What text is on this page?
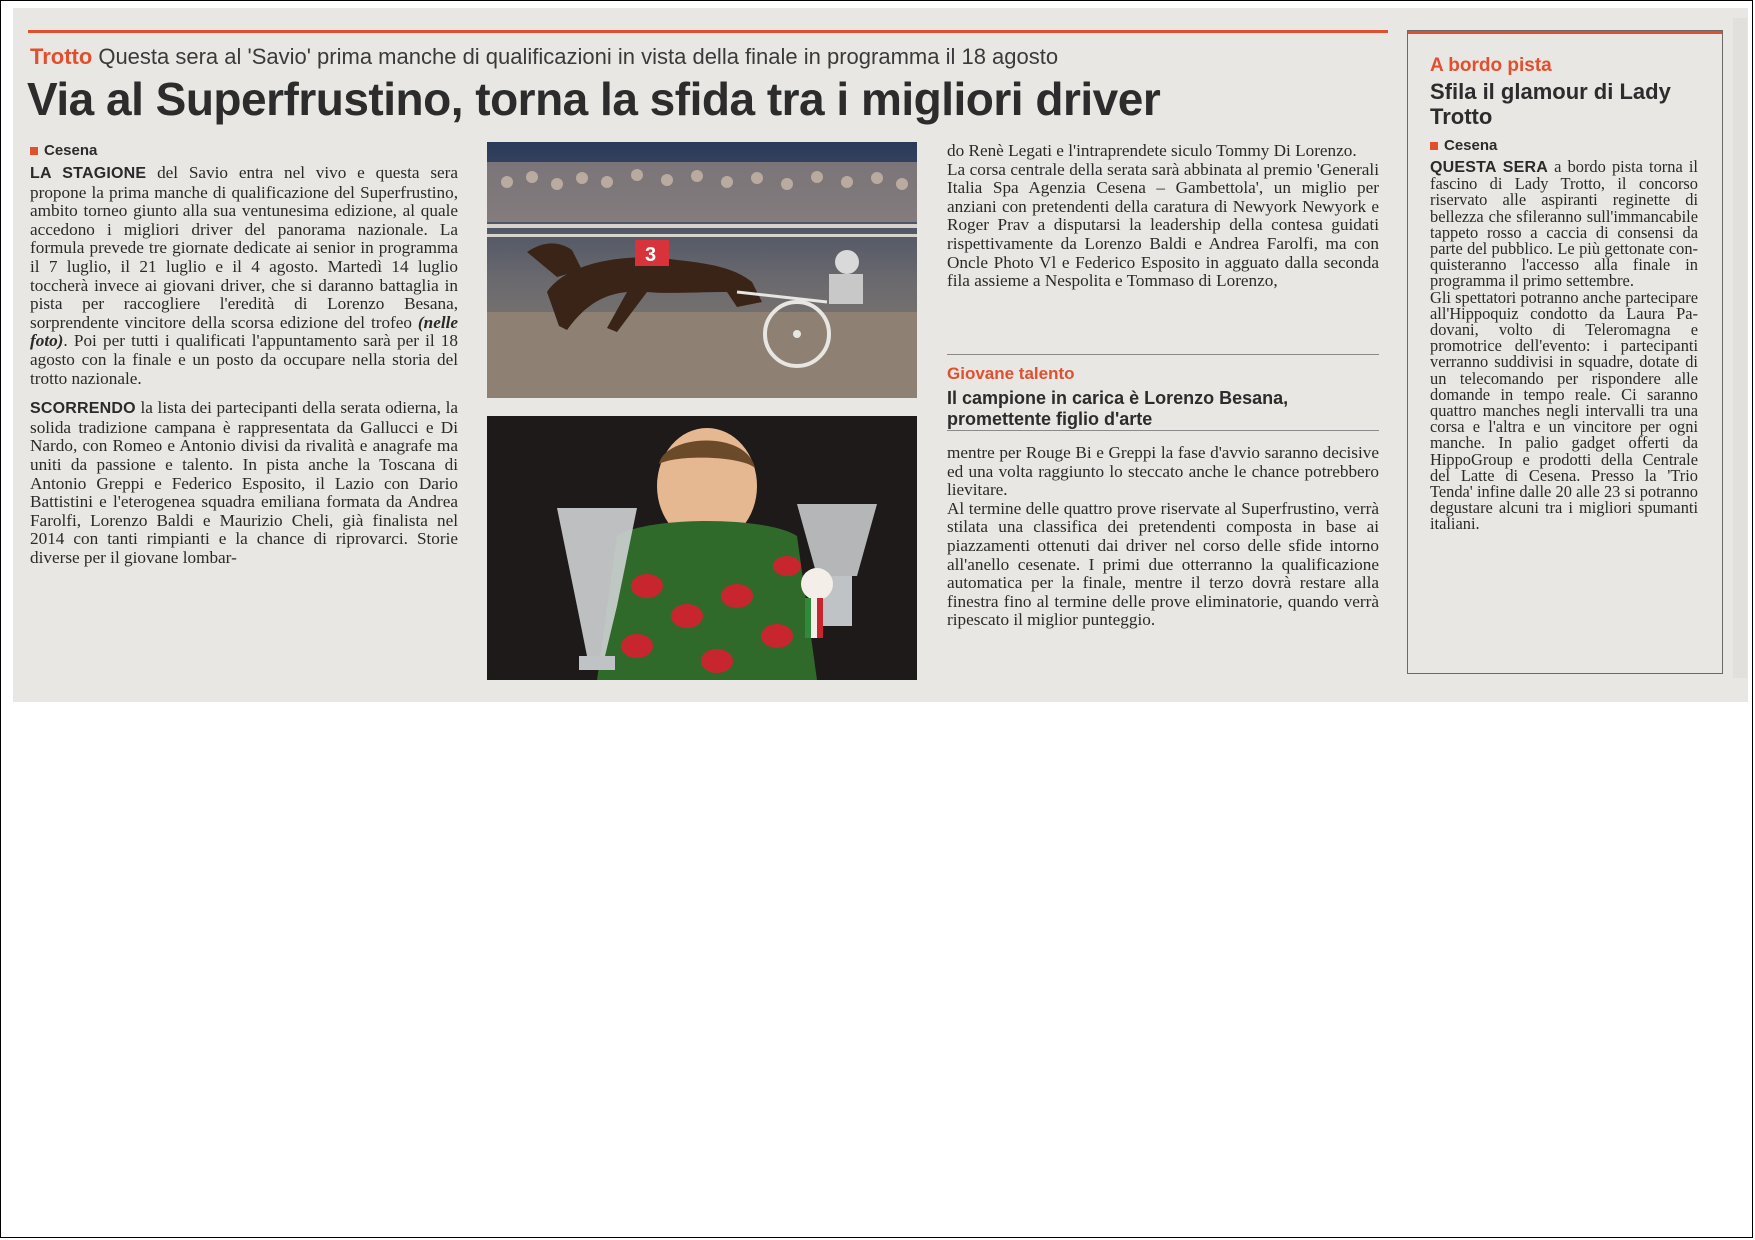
Trotto Questa sera al 'Savio' prima manche di qualificazioni in vista della finale in programma il 18 agosto
Via al Superfrustino, torna la sfida tra i migliori driver
Cesena

LA STAGIONE del Savio entra nel vivo e questa sera propone la prima manche di qualificazione del Superfrustino, ambito torneo giunto alla sua ventunesima edizione, al quale accedono i migliori driver del panorama nazionale. La formula prevede tre giornate dedicate ai senior in programma il 7 luglio, il 21 luglio e il 4 agosto. Martedì 14 luglio toccherà invece ai giovani driver, che si daranno battaglia in pista per raccogliere l'eredità di Lorenzo Besana, sorprendente vincitore della scorsa edizione del trofeo (nelle foto). Poi per tutti i qualificati l'appuntamento sarà per il 18 agosto con la finale e un posto da occupare nella storia del trotto nazionale.

SCORRENDO la lista dei partecipanti della serata odierna, la solida tradizione campana è rappresentata da Gallucci e Di Nardo, con Romeo e Antonio divisi da rivalità e anagrafe ma uniti da passione e talento. In pista anche la Toscana di Antonio Greppi e Federico Esposito, il Lazio con Dario Battistini e l'eterogenea squadra emiliana formata da Andrea Farolfi, Lorenzo Baldi e Maurizio Cheli, già finalista nel 2014 con tanti rimpianti e la chance di riprovarci. Storie diverse per il giovane lombar-

3

do Renè Legati e l'intraprendete siculo Tommy Di Lorenzo.

La corsa centrale della serata sarà abbinata al premio 'Generali Italia Spa Agenzia Cesena – Gambettola', un miglio per anziani con pretendenti della caratura di Newyork Newyork e Roger Prav a disputarsi la leadership della contesa guidati rispettivamente da Lorenzo Baldi e Andrea Farolfi, ma con Oncle Photo Vl e Federico Esposito in agguato dalla seconda fila assieme a Nespolita e Tommaso di Lorenzo,

Giovane talento
Il campione in carica è Lorenzo Besana, promettente figlio d'arte

mentre per Rouge Bi e Greppi la fase d'avvio saranno decisive ed una volta raggiunto lo steccato anche le chance potrebbero lievitare.

Al termine delle quattro prove riservate al Superfrustino, verrà stilata una classifica dei pretendenti composta in base ai piazzamenti ottenuti dai driver nel corso delle sfide intorno all'anello cesenate. I primi due otterranno la qualificazione automatica per la finale, mentre il terzo dovrà restare alla finestra fino al termine delle prove eliminatorie, quando verrà ripescato il miglior punteggio.

A bordo pista
Sfila il glamour di Lady Trotto
Cesena

QUESTA SERA a bordo pista torna il fascino di Lady Trotto, il concorso riservato alle aspiranti reginette di bellezza che sfileranno sull'immancabile tappeto rosso a caccia di consensi da parte del pubblico. Le più gettonate conquisteranno l'accesso alla finale in programma il primo settembre.

Gli spettatori potranno anche partecipare all'Hippoquiz condotto da Laura Padovani, volto di Teleromagna e promotrice dell'evento: i partecipanti verranno suddivisi in squadre, dotate di un telecomando per rispondere alle domande in tempo reale. Ci saranno quattro manches negli intervalli tra una corsa e l'altra e un vincitore per ogni manche. In palio gadget offerti da HippoGroup e prodotti della Centrale del Latte di Cesena. Presso la 'Trio Tenda' infine dalle 20 alle 23 si potranno degustare alcuni tra i migliori spumanti italiani.
